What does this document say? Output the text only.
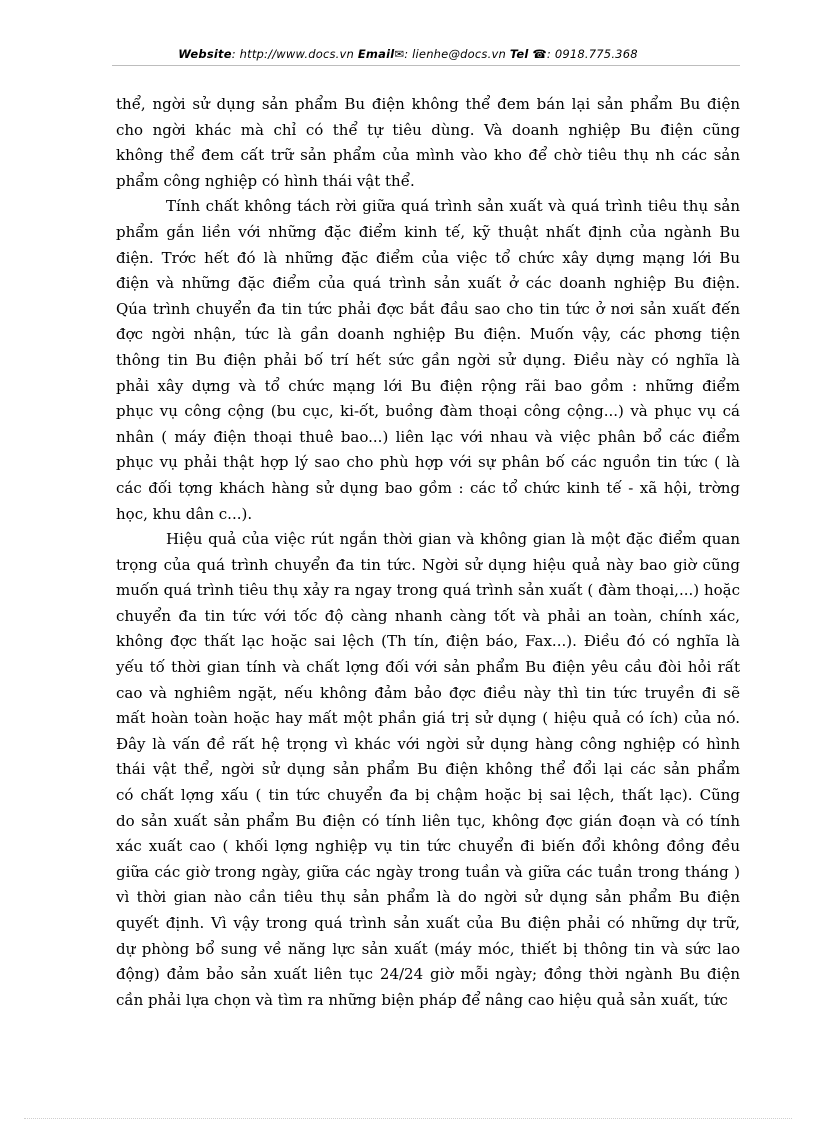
Website: http://www.docs.vn Email✉: lienhe@docs.vn Tel ☎: 0918.775.368
thể, ngời sử dụng sản phẩm Bu điện không thể đem bán lại sản phẩm Bu điện
cho ngời khác mà chỉ có thể tự tiêu dùng. Và doanh nghiệp Bu điện cũng
không thể đem cất trữ sản phẩm của mình vào kho để chờ tiêu thụ nh các sản
phẩm công nghiệp có hình thái vật thể.
Tính chất không tách rời giữa quá trình sản xuất và quá trình tiêu thụ sản
phẩm gắn liền với những đặc điểm kinh tế, kỹ thuật nhất định của ngành Bu
điện. Trớc hết đó là những đặc điểm của việc tổ chức xây dựng mạng lới Bu
điện và những đặc điểm của quá trình sản xuất ở các doanh nghiệp Bu điện.
Qúa trình chuyển đa tin tức phải đợc bắt đầu sao cho tin tức ở nơi sản xuất đến
đợc ngời nhận, tức là gần doanh nghiệp Bu điện. Muốn vậy, các phơng tiện
thông tin Bu điện phải bố trí hết sức gần ngời sử dụng. Điều này có nghĩa là
phải xây dựng và tổ chức mạng lới Bu điện rộng rãi bao gồm : những điểm
phục vụ công cộng (bu cục, ki-ốt, buồng đàm thoại công cộng...) và phục vụ cá
nhân ( máy điện thoại thuê bao...) liên lạc với nhau và việc phân bổ các điểm
phục vụ phải thật hợp lý sao cho phù hợp với sự phân bố các nguồn tin tức ( là
các đối tợng khách hàng sử dụng bao gồm : các tổ chức kinh tế - xã hội, trờng
học, khu dân c...).
Hiệu quả của việc rút ngắn thời gian và không gian là một đặc điểm quan
trọng của quá trình chuyển đa tin tức. Ngời sử dụng hiệu quả này bao giờ cũng
muốn quá trình tiêu thụ xảy ra ngay trong quá trình sản xuất ( đàm thoại,...) hoặc
chuyển đa tin tức với tốc độ càng nhanh càng tốt và phải an toàn, chính xác,
không đợc thất lạc hoặc sai lệch (Th tín, điện báo, Fax...). Điều đó có nghĩa là
yếu tố thời gian tính và chất lợng đối với sản phẩm Bu điện yêu cầu đòi hỏi rất
cao và nghiêm ngặt, nếu không đảm bảo đợc điều này thì tin tức truyền đi sẽ
mất hoàn toàn hoặc hay mất một phần giá trị sử dụng ( hiệu quả có ích) của nó.
Đây là vấn đề rất hệ trọng vì khác với ngời sử dụng hàng công nghiệp có hình
thái vật thể, ngời sử dụng sản phẩm Bu điện không thể đổi lại các sản phẩm
có chất lợng xấu ( tin tức chuyển đa bị chậm hoặc bị sai lệch, thất lạc). Cũng
do sản xuất sản phẩm Bu điện có tính liên tục, không đợc gián đoạn và có tính
xác xuất cao ( khối lợng nghiệp vụ tin tức chuyển đi biến đổi không đồng đều
giữa các giờ trong ngày, giữa các ngày trong tuần và giữa các tuần trong tháng )
vì thời gian nào cần tiêu thụ sản phẩm là do ngời sử dụng sản phẩm Bu điện
quyết định. Vì vậy trong quá trình sản xuất của Bu điện phải có những dự trữ,
dự phòng bổ sung về năng lực sản xuất (máy móc, thiết bị thông tin và sức lao
động) đảm bảo sản xuất liên tục 24/24 giờ mỗi ngày; đồng thời ngành Bu điện
cần phải lựa chọn và tìm ra những biện pháp để nâng cao hiệu quả sản xuất, tức
